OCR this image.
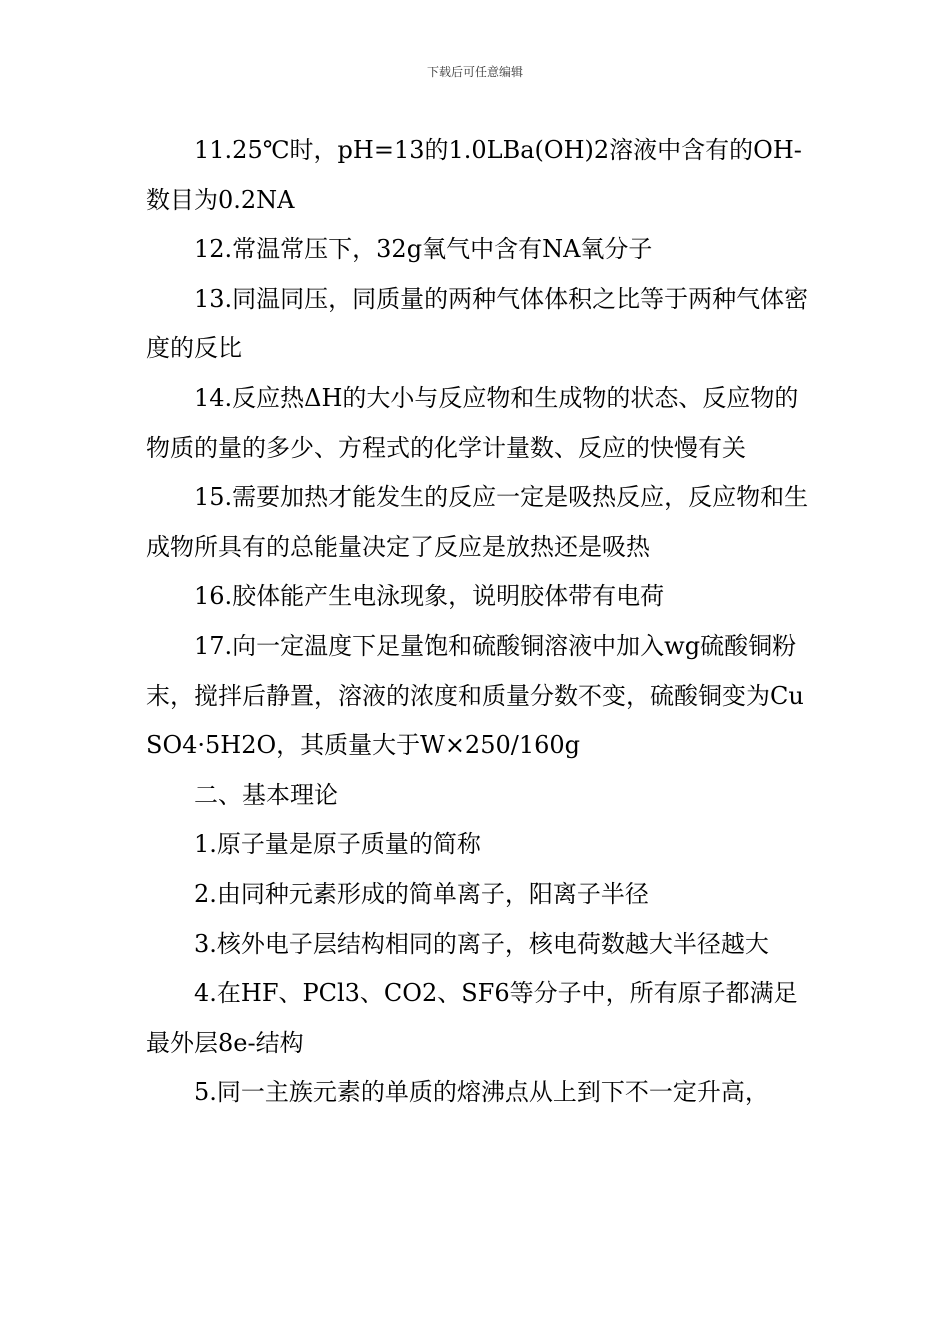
下载后可任意编辑

11.25℃时，pH=13的1.0LBa(OH)2溶液中含有的OH-数目为0.2NA

12.常温常压下，32g氧气中含有NA氧分子

13.同温同压，同质量的两种气体体积之比等于两种气体密度的反比

14.反应热ΔH的大小与反应物和生成物的状态、反应物的物质的量的多少、方程式的化学计量数、反应的快慢有关

15.需要加热才能发生的反应一定是吸热反应，反应物和生成物所具有的总能量决定了反应是放热还是吸热

16.胶体能产生电泳现象，说明胶体带有电荷

17.向一定温度下足量饱和硫酸铜溶液中加入wg硫酸铜粉末，搅拌后静置，溶液的浓度和质量分数不变，硫酸铜变为CuSO4·5H2O，其质量大于W×250/160g

二、基本理论

1.原子量是原子质量的简称

2.由同种元素形成的简单离子，阳离子半径

3.核外电子层结构相同的离子，核电荷数越大半径越大

4.在HF、PCl3、CO2、SF6等分子中，所有原子都满足最外层8e-结构

5.同一主族元素的单质的熔沸点从上到下不一定升高，
